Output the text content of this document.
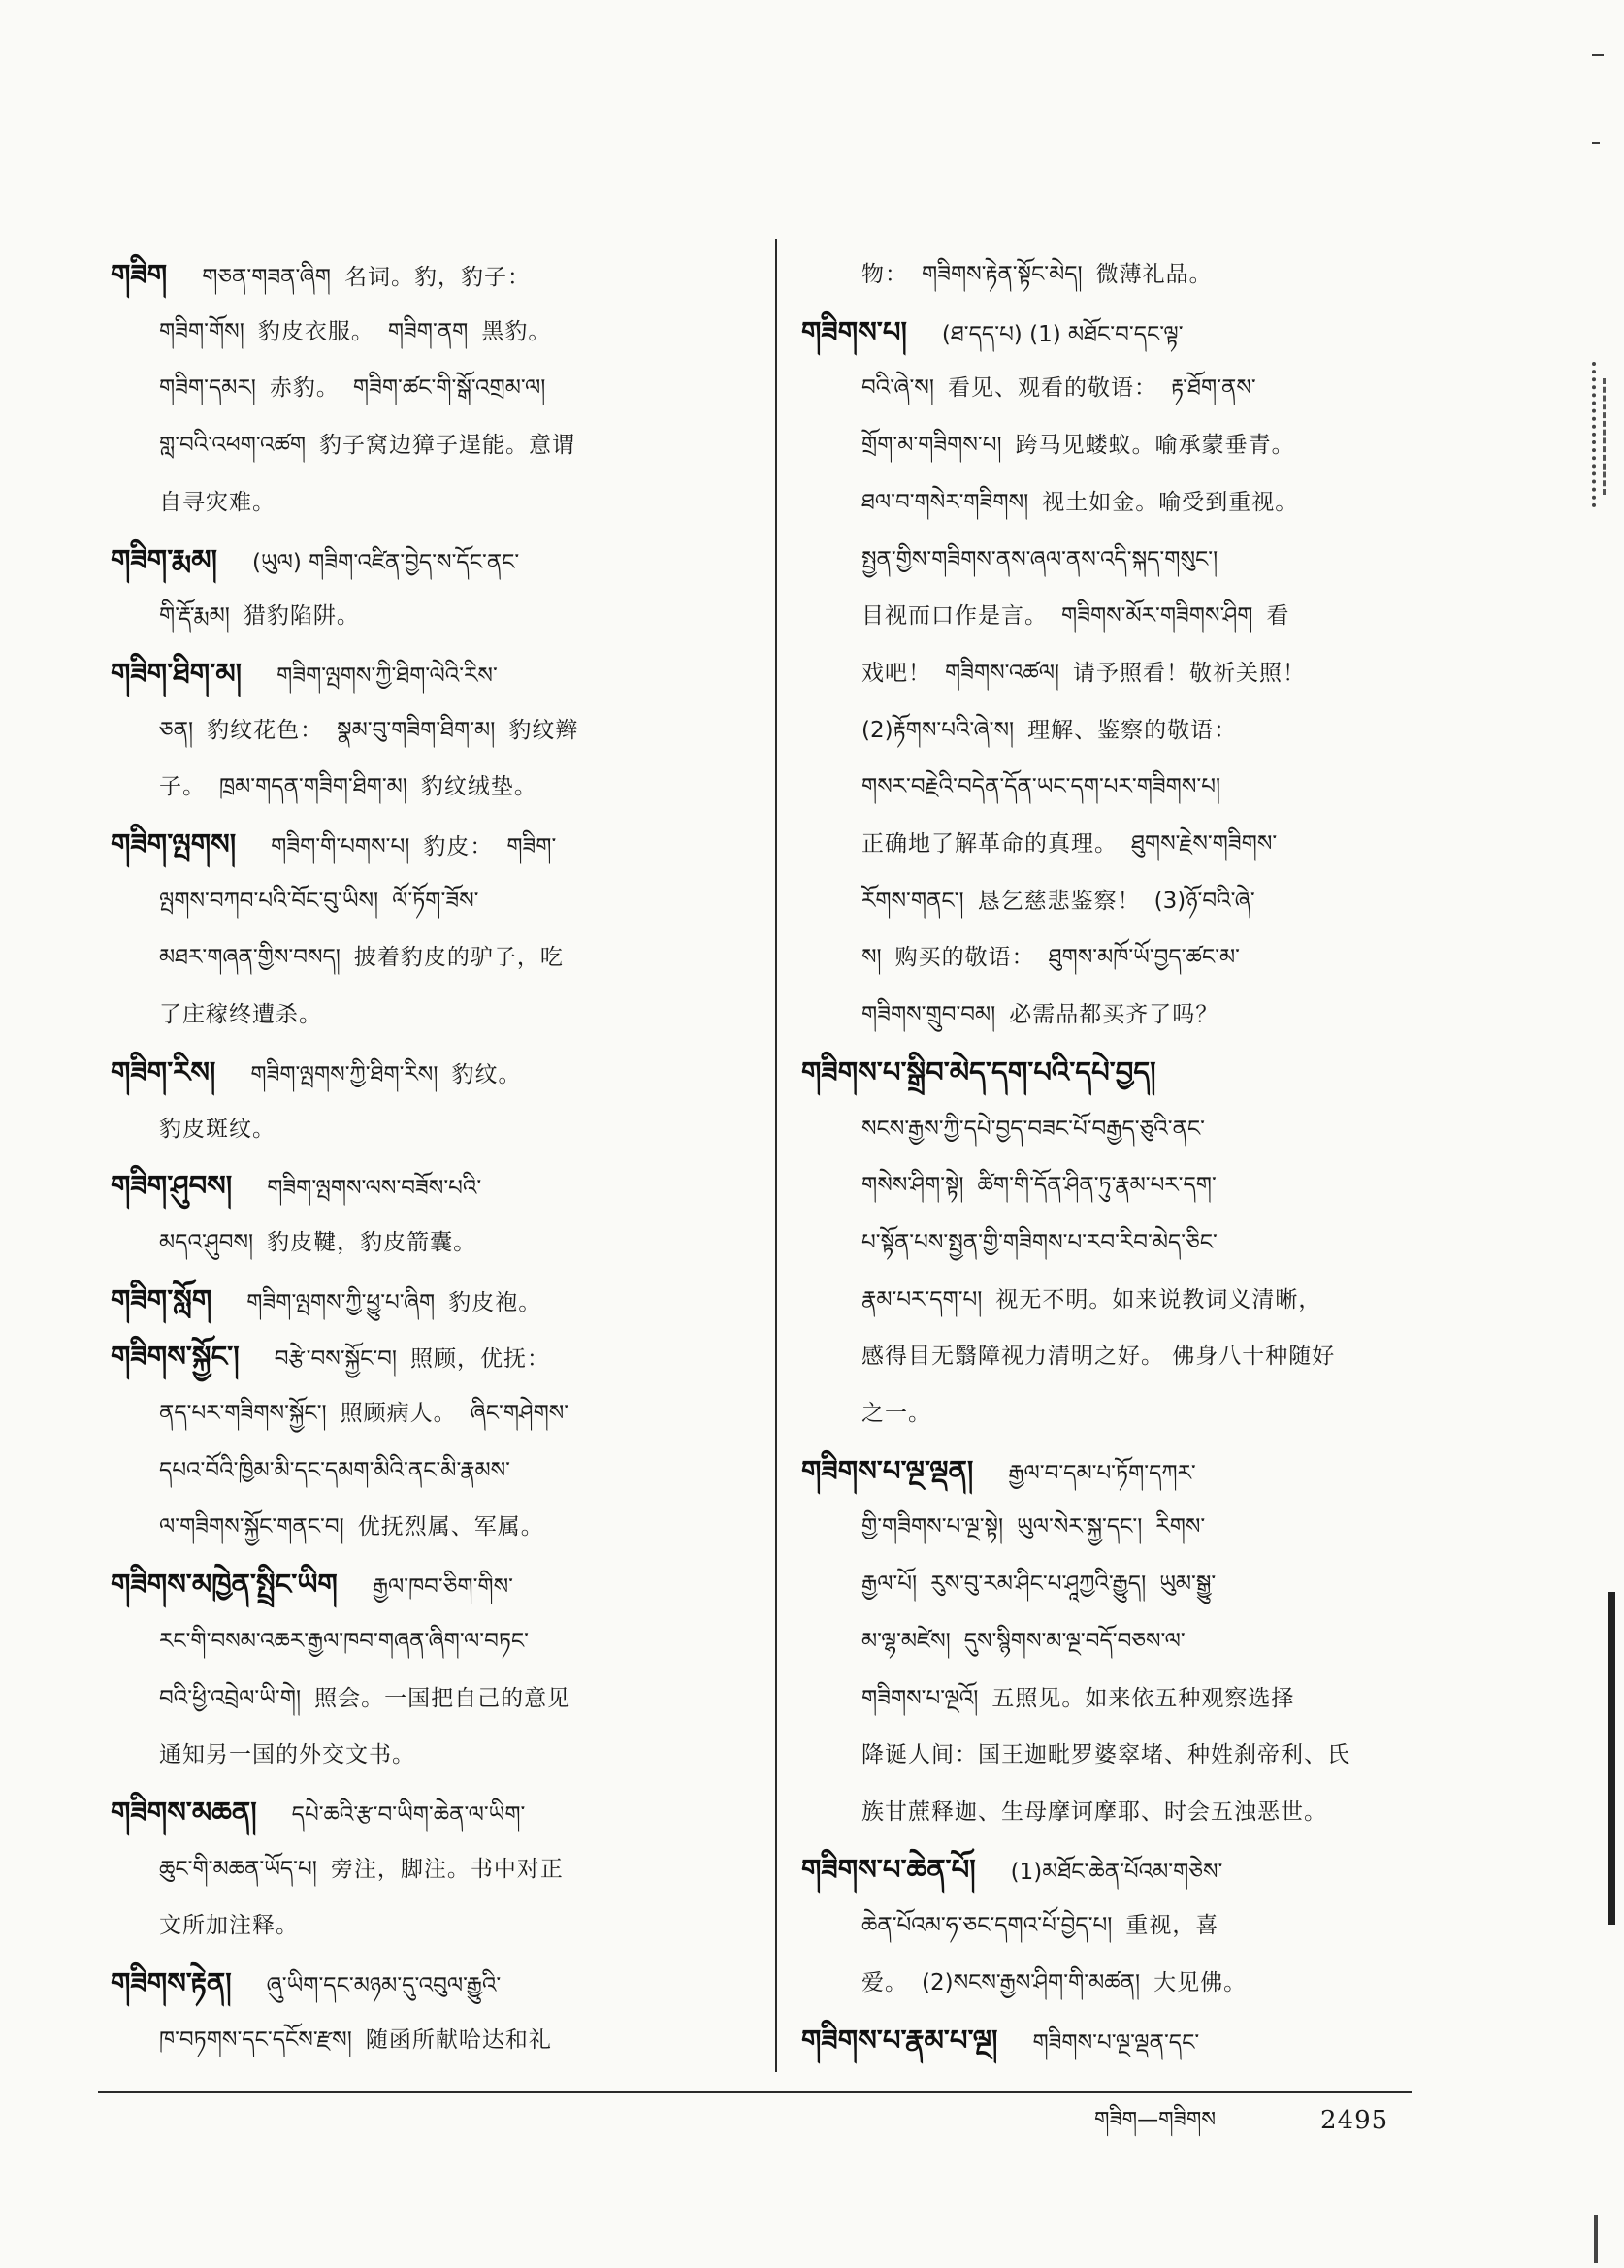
གཟིག གཅན་གཟན་ཞིག 名词。豹，豹子：
གཟིག་གོས། 豹皮衣服。 གཟིག་ནག 黑豹。
གཟིག་དམར། 赤豹。 གཟིག་ཚང་གི་སྒོ་འགྲམ་ལ།
གླ་བའི་འཕག་འཚག 豹子窝边獐子逞能。意谓
自寻灾难。
གཟིག་རྨམ། (ཡུལ) གཟིག་འཛིན་བྱེད་ས་དོང་ནང་
གི་རྡོ་རྨམ། 猎豹陷阱。
གཟིག་ཐིག་མ། གཟིག་ལྤགས་ཀྱི་ཐིག་ལེའི་རིས་
ཅན། 豹纹花色： སྣམ་བུ་གཟིག་ཐིག་མ། 豹纹辫
子。 ཁྲམ་གདན་གཟིག་ཐིག་མ། 豹纹绒垫。
གཟིག་ལྤགས། གཟིག་གི་པགས་པ། 豹皮： གཟིག་
ལྤགས་བཀབ་པའི་བོང་བུ་ཡིས། ལོ་ཏོག་ཟོས་
མཐར་གཞན་གྱིས་བསད། 披着豹皮的驴子，吃
了庄稼终遭杀。
གཟིག་རིས། གཟིག་ལྤགས་ཀྱི་ཐིག་རིས། 豹纹。
豹皮斑纹。
གཟིག་ཤུབས། གཟིག་ལྤགས་ལས་བཟོས་པའི་
མདའ་ཤུབས། 豹皮鞬，豹皮箭囊。
གཟིག་སློག གཟིག་ལྤགས་ཀྱི་ཕྱུ་པ་ཞིག 豹皮袍。
གཟིགས་སྐྱོང་། བརྩེ་བས་སྐྱོང་བ། 照顾，优抚：
ནད་པར་གཟིགས་སྐྱོང་། 照顾病人。 ཞིང་གཤེགས་
དཔའ་བོའི་ཁྱིམ་མི་དང་དམག་མིའི་ནང་མི་རྣམས་
ལ་གཟིགས་སྐྱོང་གནང་བ། 优抚烈属、军属。
གཟིགས་མཁྱེན་སྤྲིང་ཡིག རྒྱལ་ཁབ་ཅིག་གིས་
རང་གི་བསམ་འཆར་རྒྱལ་ཁབ་གཞན་ཞིག་ལ་བཏང་
བའི་ཕྱི་འབྲེལ་ཡི་གེ། 照会。一国把自己的意见
通知另一国的外交文书。
གཟིགས་མཆན། དཔེ་ཆའི་རྩ་བ་ཡིག་ཆེན་ལ་ཡིག་
ཆུང་གི་མཆན་ཡོད་པ། 旁注，脚注。书中对正
文所加注释。
གཟིགས་རྟེན། ཞུ་ཡིག་དང་མཉམ་དུ་འབུལ་རྒྱུའི་
ཁ་བཏགས་དང་དངོས་རྫས། 随函所献哈达和礼
物： གཟིགས་རྟེན་སྟོང་མེད། 微薄礼品。
གཟིགས་པ། (ཐ་དད་པ) (1) མཐོང་བ་དང་ལྟ་
བའི་ཞེ་ས། 看见、观看的敬语： རྟ་ཐོག་ནས་
གྲོག་མ་གཟིགས་པ། 跨马见蝼蚁。喻承蒙垂青。
ཐལ་བ་གསེར་གཟིགས། 视土如金。喻受到重视。
སྤྱན་གྱིས་གཟིགས་ནས་ཞལ་ནས་འདི་སྐད་གསུང་།
目视而口作是言。 གཟིགས་མོར་གཟིགས་ཤིག 看
戏吧！ གཟིགས་འཚལ། 请予照看！敬祈关照！
(2)རྟོགས་པའི་ཞེ་ས། 理解、鉴察的敬语：
གསར་བརྗེའི་བདེན་དོན་ཡང་དག་པར་གཟིགས་པ།
正确地了解革命的真理。 ཐུགས་རྗེས་གཟིགས་
རོགས་གནང་། 恳乞慈悲鉴察！ (3)ཉོ་བའི་ཞེ་
ས། 购买的敬语： ཐུགས་མཁོ་ཡོ་བྱད་ཚང་མ་
གཟིགས་གྲུབ་བམ། 必需品都买齐了吗？
གཟིགས་པ་སྒྲིབ་མེད་དག་པའི་དཔེ་བྱད།
སངས་རྒྱས་ཀྱི་དཔེ་བྱད་བཟང་པོ་བརྒྱད་ཅུའི་ནང་
གསེས་ཤིག་སྟེ། ཚིག་གི་དོན་ཤིན་ཏུ་རྣམ་པར་དག་
པ་སྟོན་པས་སྤྱན་གྱི་གཟིགས་པ་རབ་རིབ་མེད་ཅིང་
རྣམ་པར་དག་པ། 视无不明。如来说教词义清晰，
感得目无翳障视力清明之好。 佛身八十种随好
之一。
གཟིགས་པ་ལྔ་ལྡན། རྒྱལ་བ་དམ་པ་ཏོག་དཀར་
གྱི་གཟིགས་པ་ལྔ་སྟེ། ཡུལ་སེར་སྐྱ་དང་། རིགས་
རྒྱལ་པོ། རུས་བུ་རམ་ཤིང་པ་ཤཱཀྱའི་རྒྱུད། ཡུམ་སྒྱུ་
མ་ལྷ་མཛེས། དུས་སྙིགས་མ་ལྔ་བདོ་བཅས་ལ་
གཟིགས་པ་ལྔའོ། 五照见。如来依五种观察选择
降诞人间：国王迦毗罗婆窣堵、种姓刹帝利、氏
族甘蔗释迦、生母摩诃摩耶、时会五浊恶世。
གཟིགས་པ་ཆེན་པོ། (1)མཐོང་ཆེན་པོའམ་གཅེས་
ཆེན་པོའམ་ཧ་ཅང་དགའ་པོ་བྱེད་པ། 重视，喜
爱。 (2)སངས་རྒྱས་ཤིག་གི་མཚན། 大见佛。
གཟིགས་པ་རྣམ་པ་ལྔ། གཟིགས་པ་ལྔ་ལྡན་དང་
གཟིག—གཟིགས	2495
